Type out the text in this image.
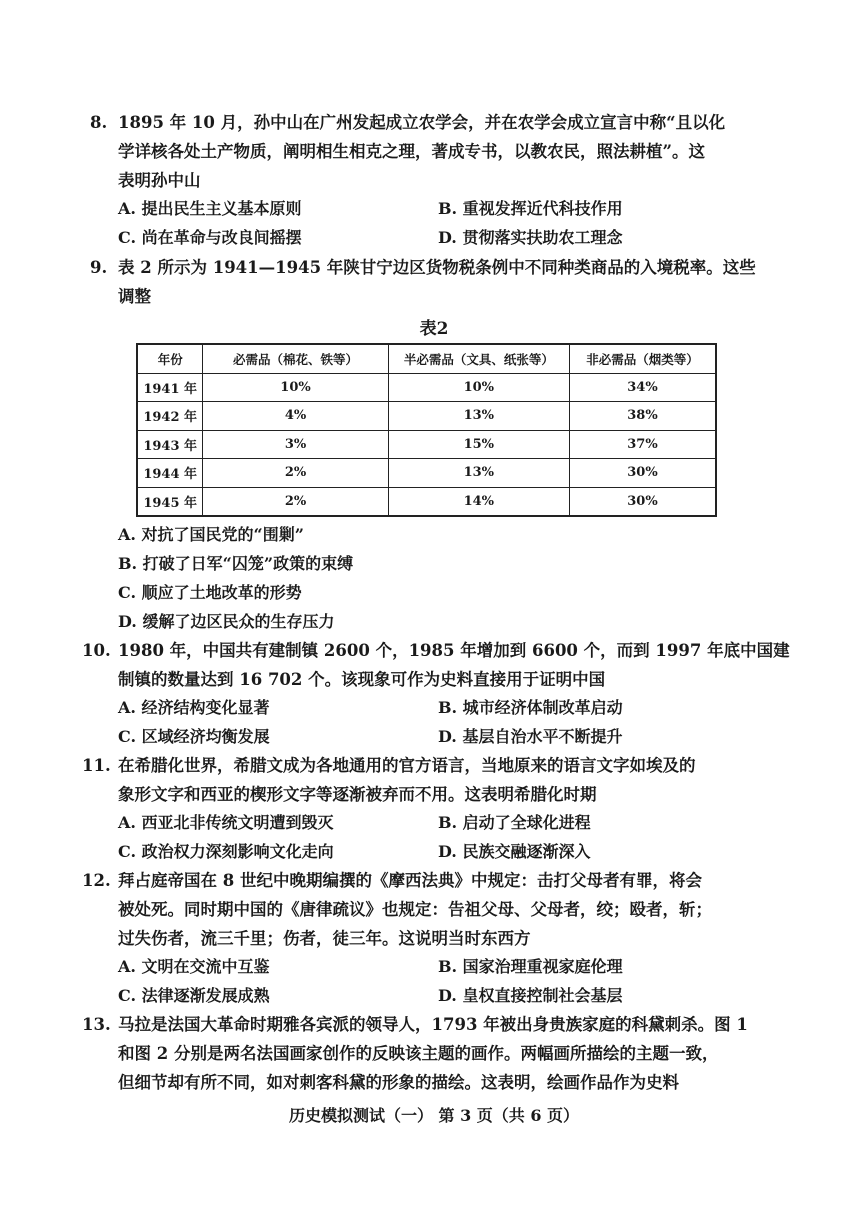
8. 1895 年 10 月，孙中山在广州发起成立农学会，并在农学会成立宣言中称“且以化
学详核各处土产物质，阐明相生相克之理，著成专书，以教农民，照法耕植”。这
表明孙中山
A. 提出民生主义基本原则	B. 重视发挥近代科技作用
C. 尚在革命与改良间摇摆	D. 贯彻落实扶助农工理念
9. 表 2 所示为 1941—1945 年陕甘宁边区货物税条例中不同种类商品的入境税率。这些
调整
表2
年份	必需品（棉花、铁等）	半必需品（文具、纸张等）	非必需品（烟类等）
1941 年	10%	10%	34%
1942 年	4%	13%	38%
1943 年	3%	15%	37%
1944 年	2%	13%	30%
1945 年	2%	14%	30%
A. 对抗了国民党的“围剿”
B. 打破了日军“囚笼”政策的束缚
C. 顺应了土地改革的形势
D. 缓解了边区民众的生存压力
10. 1980 年，中国共有建制镇 2600 个，1985 年增加到 6600 个，而到 1997 年底中国建
制镇的数量达到 16 702 个。该现象可作为史料直接用于证明中国
A. 经济结构变化显著	B. 城市经济体制改革启动
C. 区域经济均衡发展	D. 基层自治水平不断提升
11. 在希腊化世界，希腊文成为各地通用的官方语言，当地原来的语言文字如埃及的
象形文字和西亚的楔形文字等逐渐被弃而不用。这表明希腊化时期
A. 西亚北非传统文明遭到毁灭	B. 启动了全球化进程
C. 政治权力深刻影响文化走向	D. 民族交融逐渐深入
12. 拜占庭帝国在 8 世纪中晚期编撰的《摩西法典》中规定：击打父母者有罪，将会
被处死。同时期中国的《唐律疏议》也规定：告祖父母、父母者，绞；殴者，斩；
过失伤者，流三千里；伤者，徒三年。这说明当时东西方
A. 文明在交流中互鉴	B. 国家治理重视家庭伦理
C. 法律逐渐发展成熟	D. 皇权直接控制社会基层
13. 马拉是法国大革命时期雅各宾派的领导人，1793 年被出身贵族家庭的科黛刺杀。图 1
和图 2 分别是两名法国画家创作的反映该主题的画作。两幅画所描绘的主题一致，
但细节却有所不同，如对刺客科黛的形象的描绘。这表明，绘画作品作为史料
历史模拟测试（一） 第 3 页（共 6 页）
